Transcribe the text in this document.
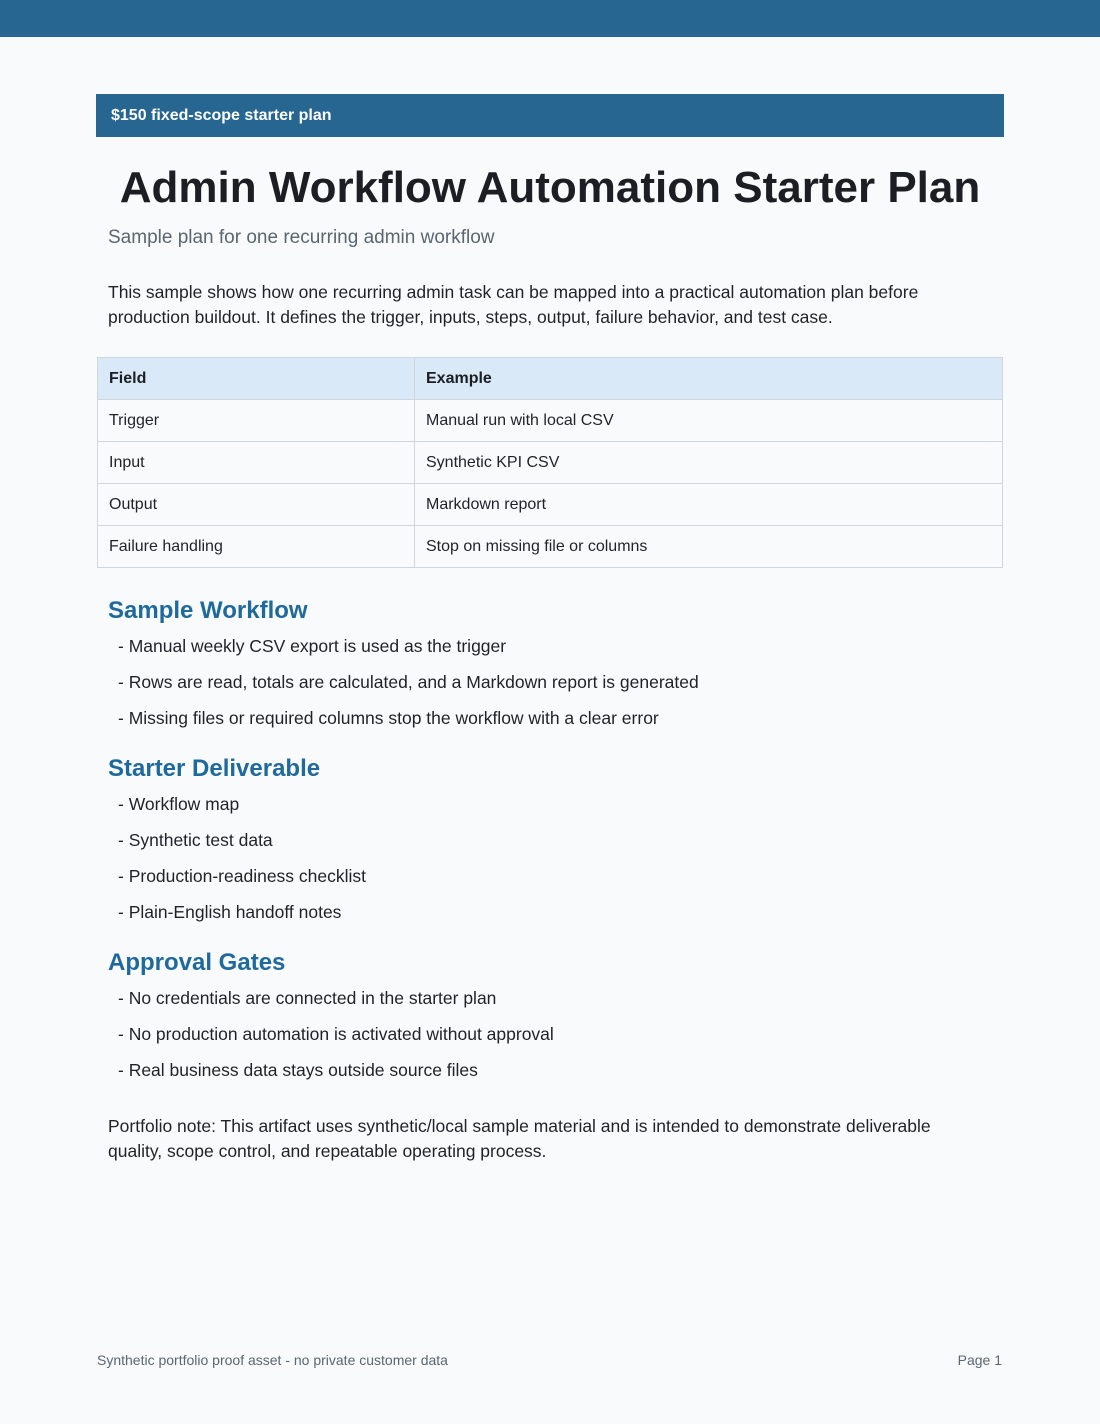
$150 fixed-scope starter plan
Admin Workflow Automation Starter Plan
Sample plan for one recurring admin workflow

This sample shows how one recurring admin task can be mapped into a practical automation plan before production buildout. It defines the trigger, inputs, steps, output, failure behavior, and test case.

Field	Example
Trigger	Manual run with local CSV
Input	Synthetic KPI CSV
Output	Markdown report
Failure handling	Stop on missing file or columns
Sample Workflow
- Manual weekly CSV export is used as the trigger
- Rows are read, totals are calculated, and a Markdown report is generated
- Missing files or required columns stop the workflow with a clear error
Starter Deliverable
- Workflow map
- Synthetic test data
- Production-readiness checklist
- Plain-English handoff notes
Approval Gates
- No credentials are connected in the starter plan
- No production automation is activated without approval
- Real business data stays outside source files

Portfolio note: This artifact uses synthetic/local sample material and is intended to demonstrate deliverable quality, scope control, and repeatable operating process.

Synthetic portfolio proof asset - no private customer data	Page 1
